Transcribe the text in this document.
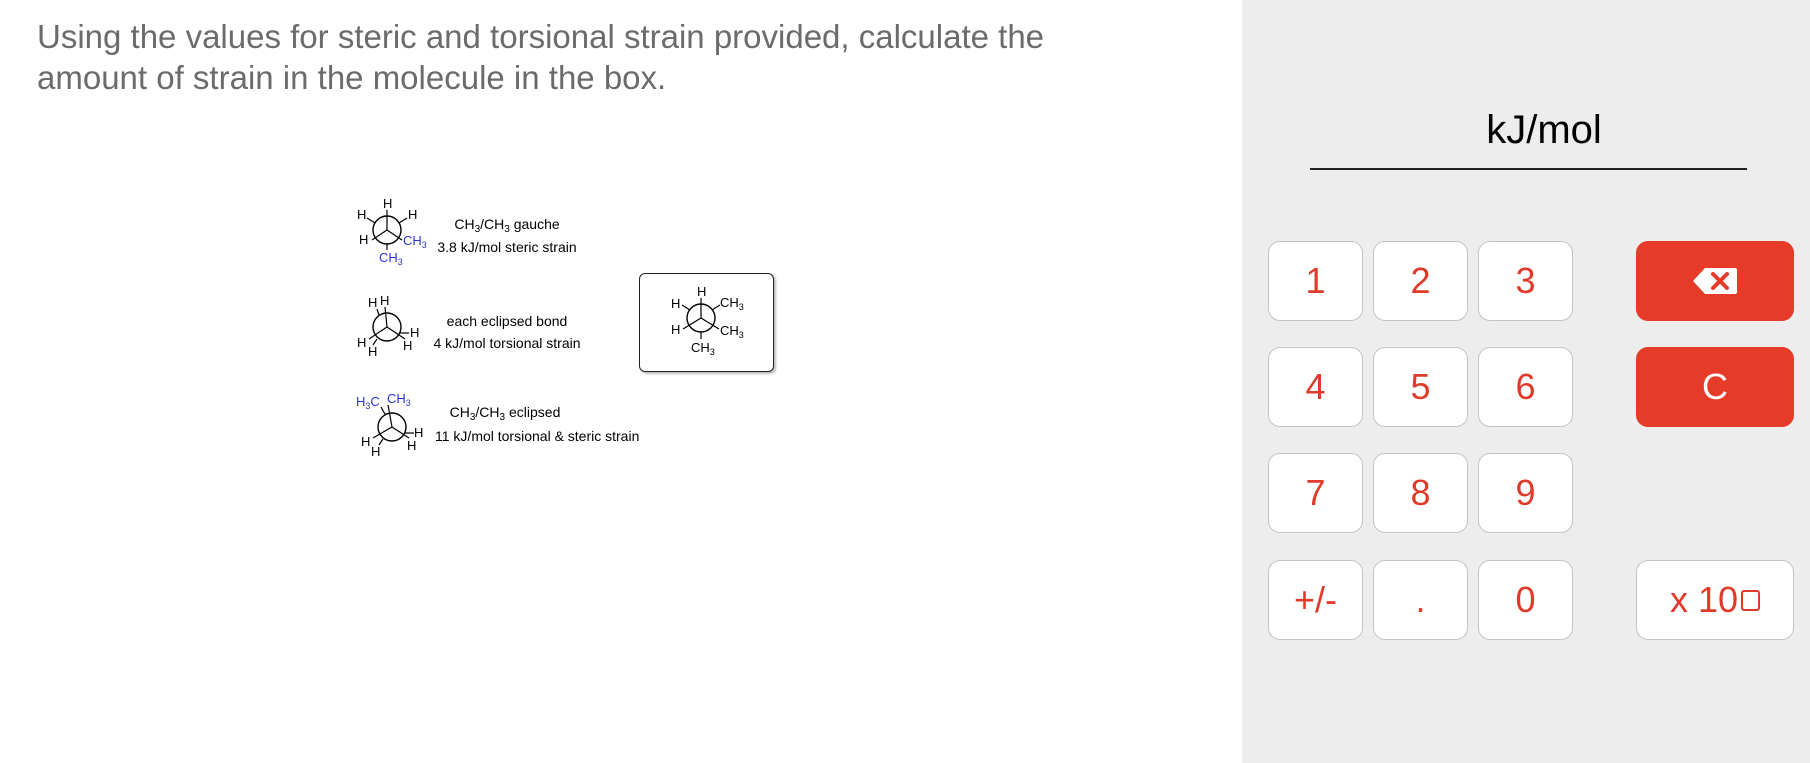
Using the values for steric and torsional strain provided, calculate the
amount of strain in the molecule in the box.
H
H	H
H	$CH_3$
$CH_3$
$CH_3/CH_3$ gauche
3.8 kJ/mol steric strain
H H
H
H
H
H
each eclipsed bond
4 kJ/mol torsional strain
$H_3C$ $CH_3$
H
H
H
H
$CH_3/CH_3$ eclipsed
11 kJ/mol torsional & steric strain
H
H	$CH_3$
H	$CH_3$
$CH_3$
kJ/mol
1	2	3
4	5	6	C
7	8	9
+/-	.	0	x 10
